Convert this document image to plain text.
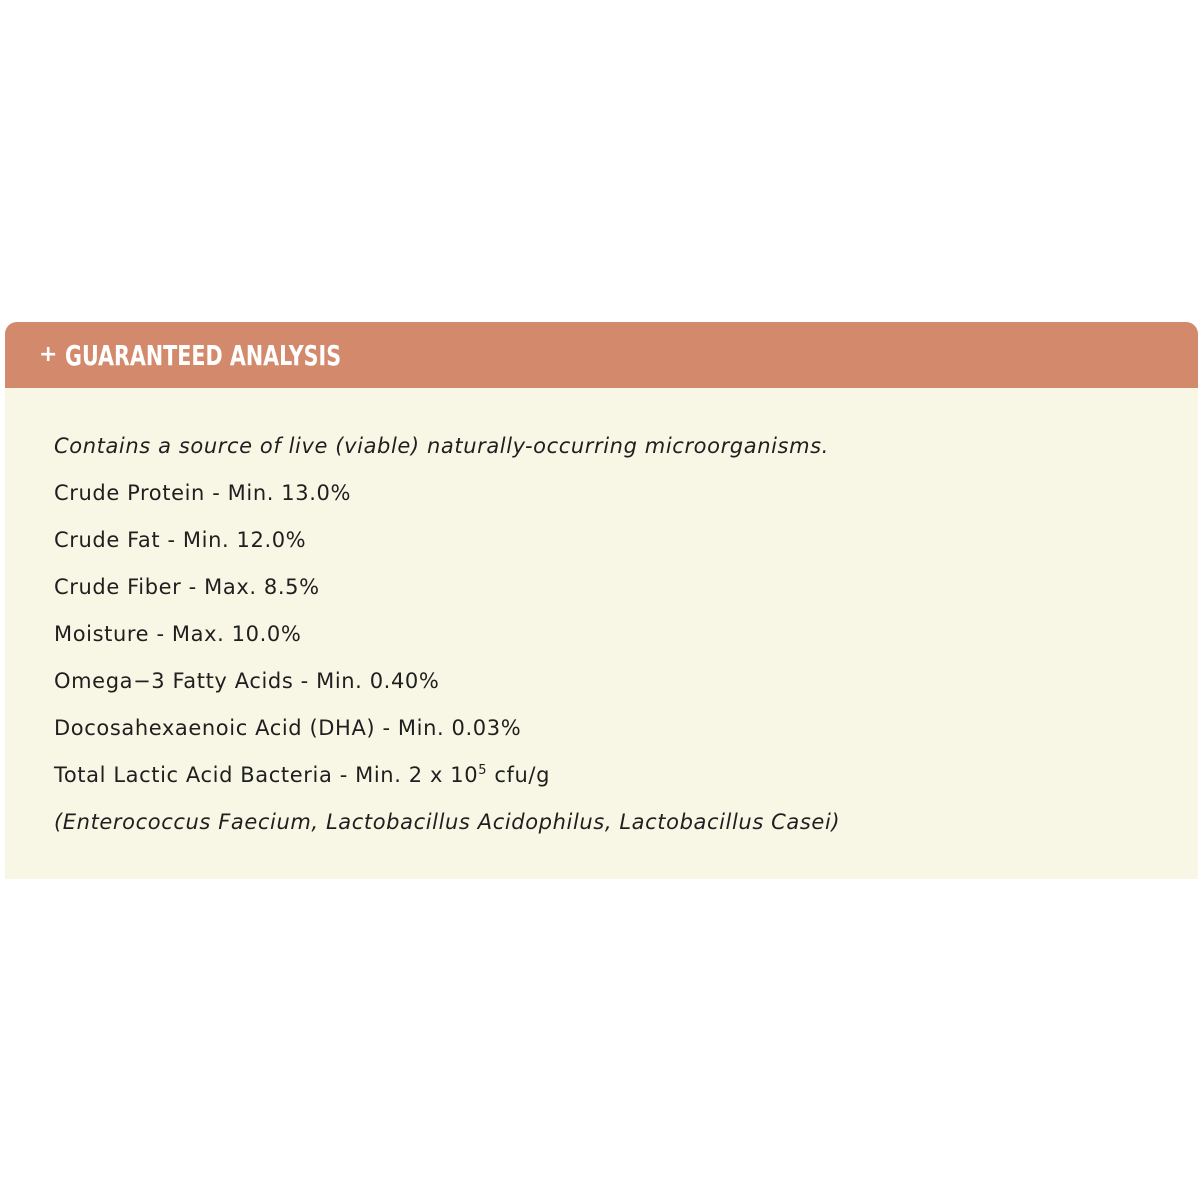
+ GUARANTEED ANALYSIS
Contains a source of live (viable) naturally-occurring microorganisms.
Crude Protein - Min. 13.0%
Crude Fat - Min. 12.0%
Crude Fiber - Max. 8.5%
Moisture - Max. 10.0%
Omega−3 Fatty Acids - Min. 0.40%
Docosahexaenoic Acid (DHA) - Min. 0.03%
Total Lactic Acid Bacteria - Min. 2 x $10^5$ cfu/g
(Enterococcus Faecium, Lactobacillus Acidophilus, Lactobacillus Casei)
